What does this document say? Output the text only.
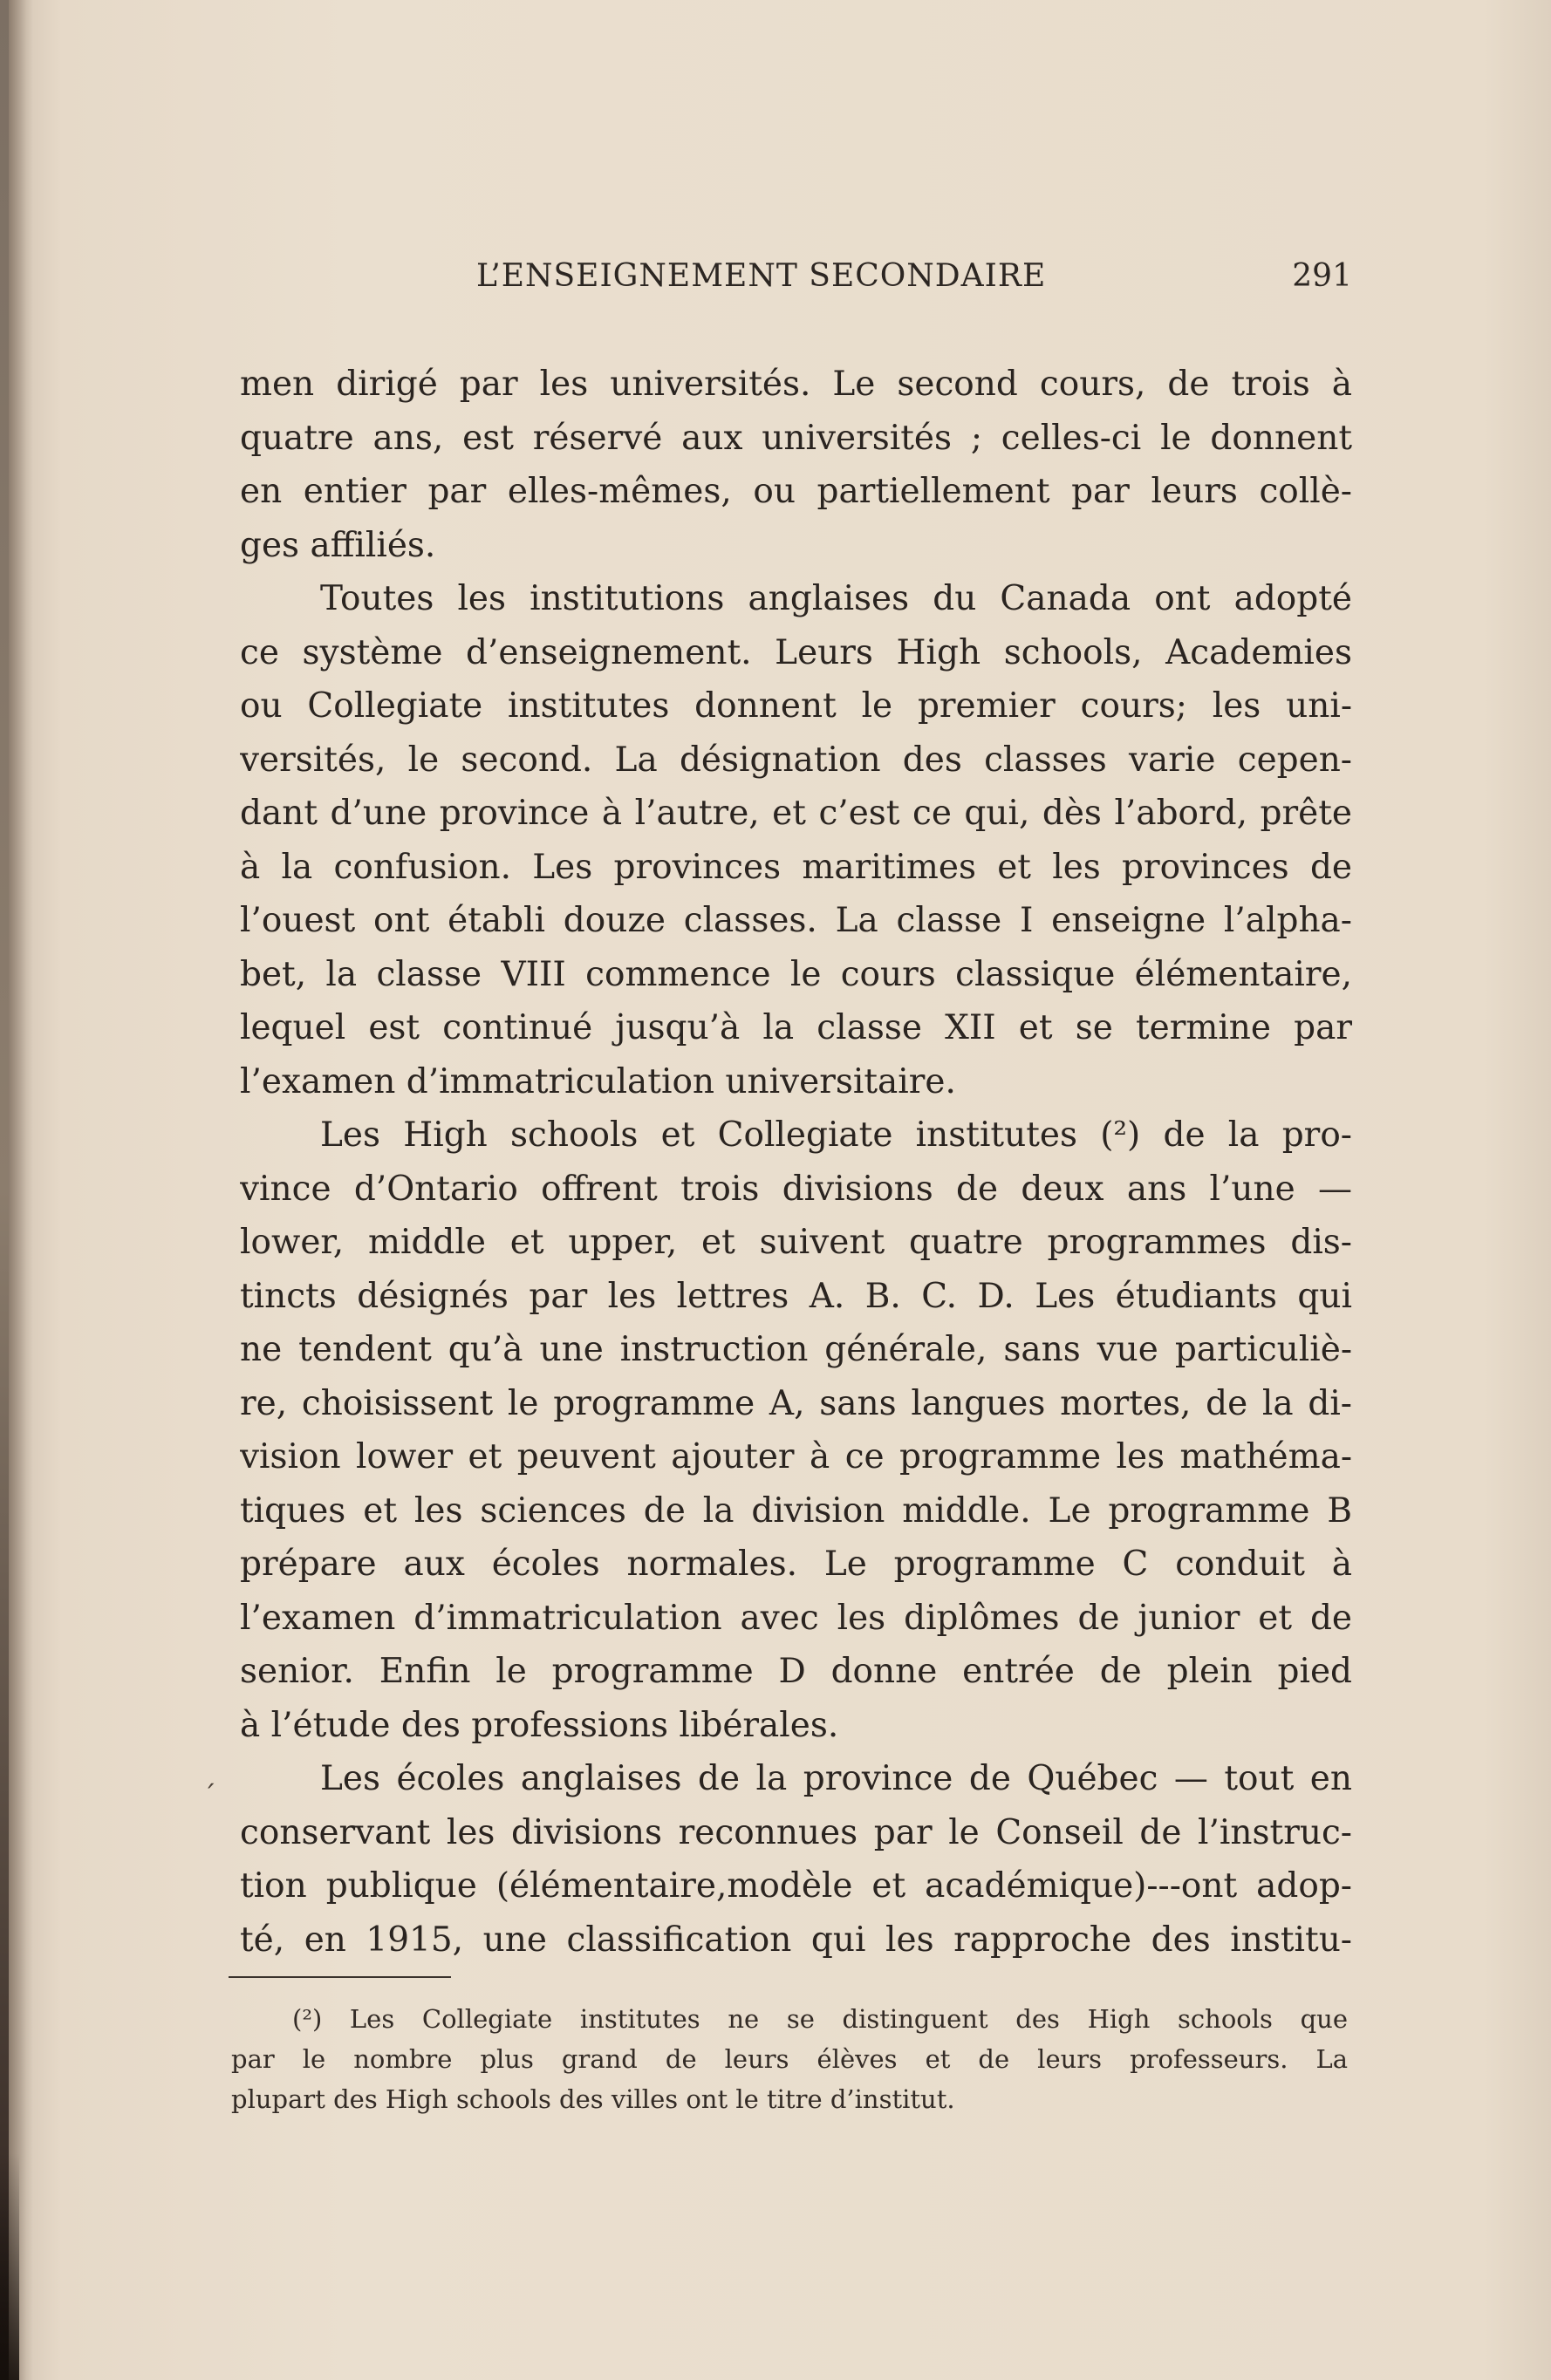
L’ENSEIGNEMENT SECONDAIRE	291

men dirigé par les universités. Le second cours, de trois à
quatre ans, est réservé aux universités ; celles-ci le donnent
en entier par elles-mêmes, ou partiellement par leurs collè-
ges affiliés.

Toutes les institutions anglaises du Canada ont adopté
ce système d’enseignement. Leurs High schools, Academies
ou Collegiate institutes donnent le premier cours; les uni-
versités, le second. La désignation des classes varie cepen-
dant d’une province à l’autre, et c’est ce qui, dès l’abord, prête
à la confusion. Les provinces maritimes et les provinces de
l’ouest ont établi douze classes. La classe I enseigne l’alpha-
bet, la classe VIII commence le cours classique élémentaire,
lequel est continué jusqu’à la classe XII et se termine par
l’examen d’immatriculation universitaire.

Les High schools et Collegiate institutes (²) de la pro-
vince d’Ontario offrent trois divisions de deux ans l’une —
lower, middle et upper, et suivent quatre programmes dis-
tincts désignés par les lettres A. B. C. D. Les étudiants qui
ne tendent qu’à une instruction générale, sans vue particuliè-
re, choisissent le programme A, sans langues mortes, de la di-
vision lower et peuvent ajouter à ce programme les mathéma-
tiques et les sciences de la division middle. Le programme B
prépare aux écoles normales. Le programme C conduit à
l’examen d’immatriculation avec les diplômes de junior et de
senior. Enfin le programme D donne entrée de plein pied
à l’étude des professions libérales.

Les écoles anglaises de la province de Québec — tout en
conservant les divisions reconnues par le Conseil de l’instruc-
tion publique (élémentaire,modèle et académique)---ont adop-
té, en 1915, une classification qui les rapproche des institu-

ˊ
(²) Les Collegiate institutes ne se distinguent des High schools que
par le nombre plus grand de leurs élèves et de leurs professeurs. La
plupart des High schools des villes ont le titre d’institut.
